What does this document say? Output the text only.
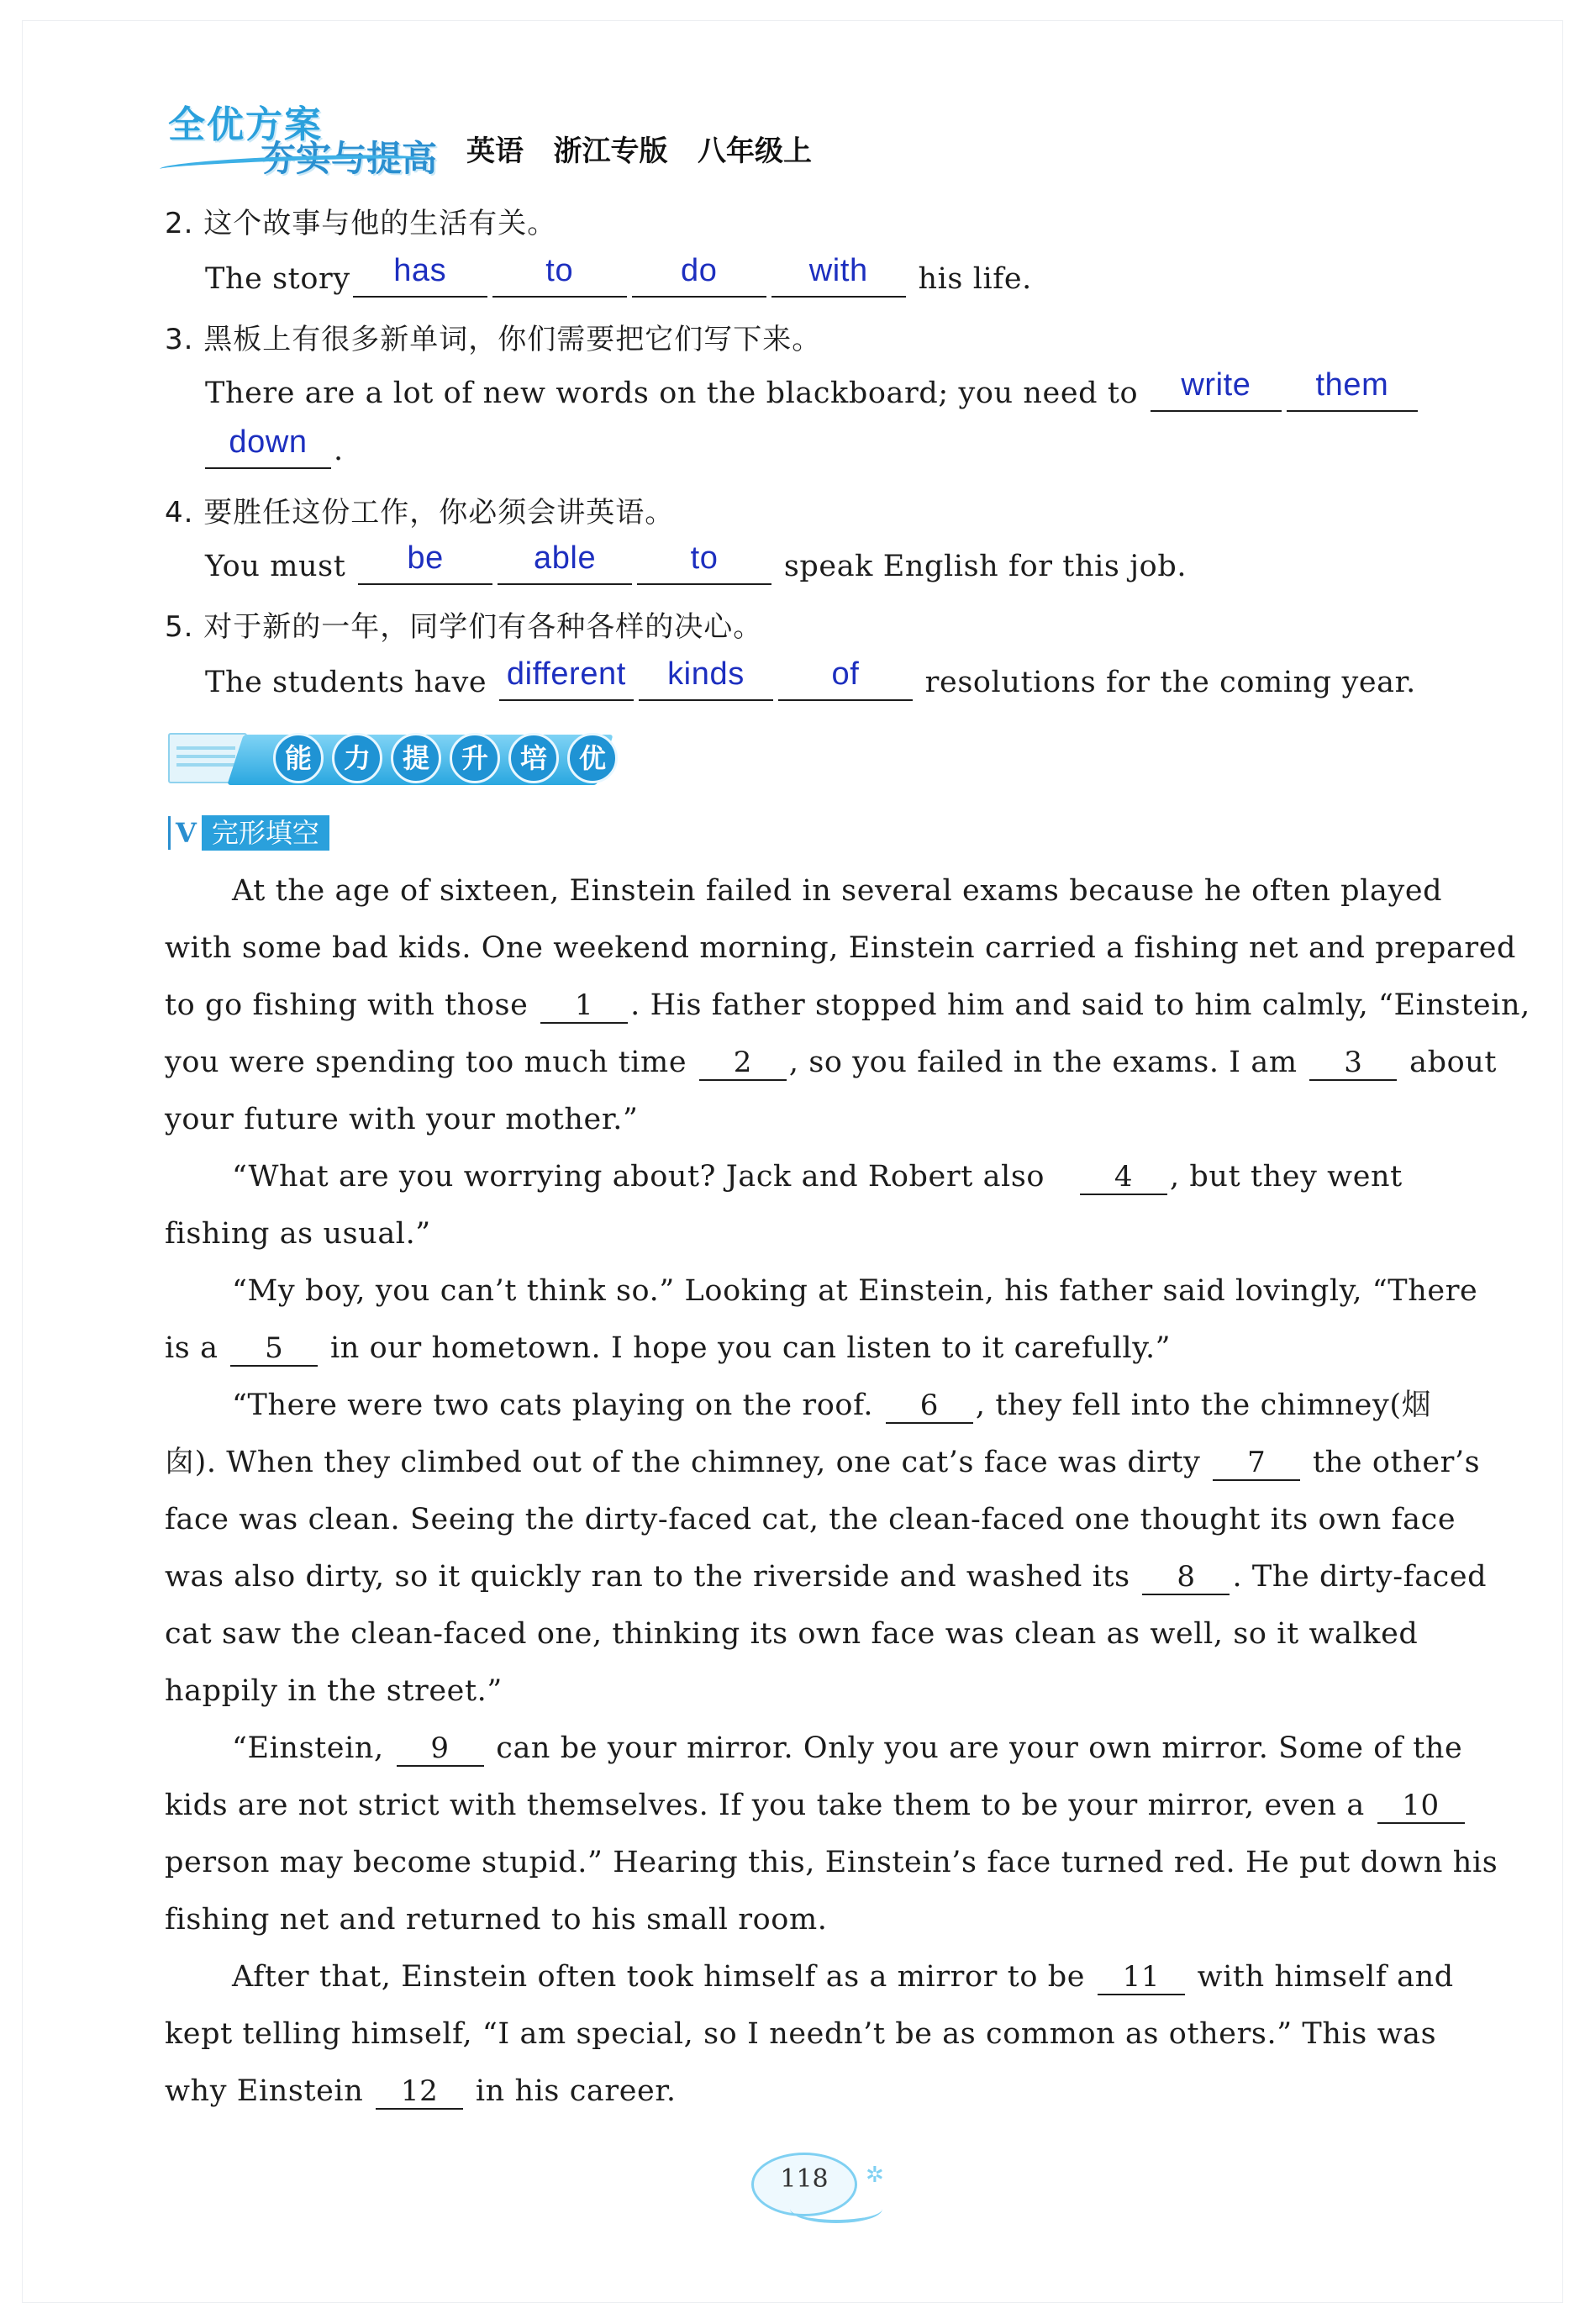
全优方案
夯实与提高 英语   浙江专版   八年级上
2. 这个故事与他的生活有关。
The story	has	to	do	with	his life.
3. 黑板上有很多新单词，你们需要把它们写下来。
There are a lot of new words on the blackboard; you need to	write	them
down .
4. 要胜任这份工作，你必须会讲英语。
You must	be	able	to	speak English for this job.
5. 对于新的一年，同学们有各种各样的决心。
The students have different	kinds	of	resolutions for the coming year.
能	力	提	升	培	优
V 完形填空
At the age of sixteen, Einstein failed in several exams because he often played
with some bad kids. One weekend morning, Einstein carried a fishing net and prepared
to go fishing with those	1	. His father stopped him and said to him calmly, “Einstein,
you were spending too much time	2	, so you failed in the exams. I am	3	about
your future with your mother.”
“What are you worrying about? Jack and Robert also	4	, but they went
fishing as usual.”
“My boy, you can’t think so.” Looking at Einstein, his father said lovingly, “There
is a	5	in our hometown. I hope you can listen to it carefully.”
“There were two cats playing on the roof.	6	, they fell into the chimney(烟
囱). When they climbed out of the chimney, one cat’s face was dirty	7	the other’s
face was clean. Seeing the dirty-faced cat, the clean-faced one thought its own face
was also dirty, so it quickly ran to the riverside and washed its	8	. The dirty-faced
cat saw the clean-faced one, thinking its own face was clean as well, so it walked
happily in the street.”
“Einstein,	9	can be your mirror. Only you are your own mirror. Some of the
kids are not strict with themselves. If you take them to be your mirror, even a 10
person may become stupid.” Hearing this, Einstein’s face turned red. He put down his
fishing net and returned to his small room.
After that, Einstein often took himself as a mirror to be 11 with himself and
kept telling himself, “I am special, so I needn’t be as common as others.” This was
why Einstein 12 in his career.
118	✲
